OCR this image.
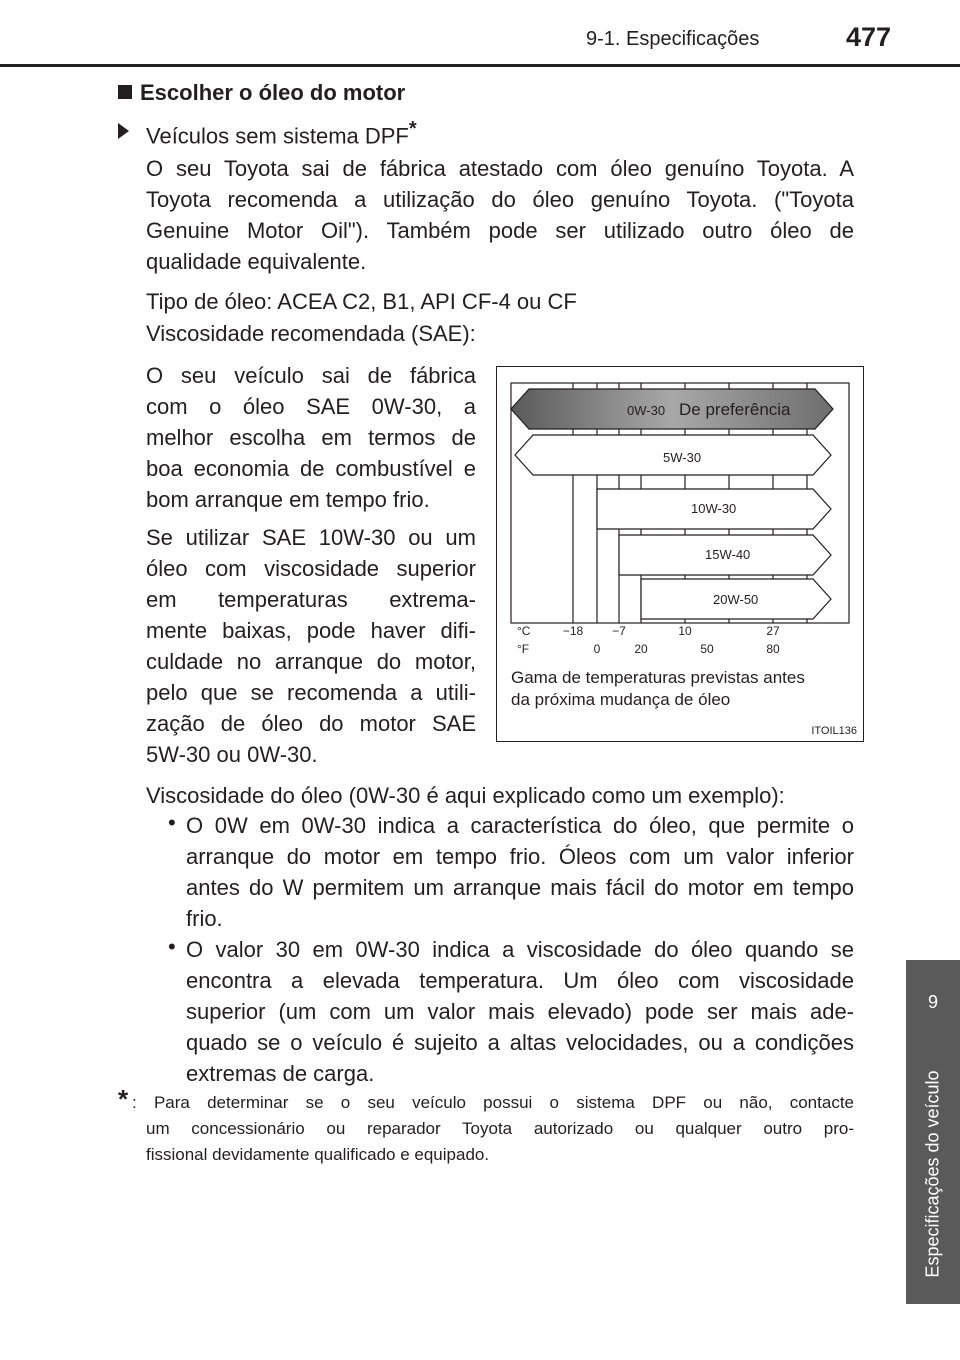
9-1. Especificações	477
9
Especificações do veículo
Escolher o óleo do motor
Veículos sem sistema DPF*
O seu Toyota sai de fábrica atestado com óleo genuíno Toyota. A
Toyota recomenda a utilização do óleo genuíno Toyota. ("Toyota
Genuine Motor Oil"). Também pode ser utilizado outro óleo de
qualidade equivalente.
Tipo de óleo: ACEA C2, B1, API CF-4 ou CF
Viscosidade recomendada (SAE):
O seu veículo sai de fábrica
com o óleo SAE 0W-30, a
melhor escolha em termos de
boa economia de combustível e
bom arranque em tempo frio.
Se utilizar SAE 10W-30 ou um
óleo com viscosidade superior
em temperaturas extrema-
mente baixas, pode haver difi-
culdade no arranque do motor,
pelo que se recomenda a utili-
zação de óleo do motor SAE
5W-30 ou 0W-30.
0W-30 De preferência
5W-30
10W-30
15W-40
20W-50
°C
°F
−18 −7	10	27
0	20	50	80
Gama de temperaturas previstas antes
da próxima mudança de óleo
ITOIL136
Viscosidade do óleo (0W-30 é aqui explicado como um exemplo):
• O 0W em 0W-30 indica a característica do óleo, que permite o
arranque do motor em tempo frio. Óleos com um valor inferior
antes do W permitem um arranque mais fácil do motor em tempo
frio.
• O valor 30 em 0W-30 indica a viscosidade do óleo quando se
encontra a elevada temperatura. Um óleo com viscosidade
superior (um com um valor mais elevado) pode ser mais ade-
quado se o veículo é sujeito a altas velocidades, ou a condições
extremas de carga.
* : Para determinar se o seu veículo possui o sistema DPF ou não, contacte
um concessionário ou reparador Toyota autorizado ou qualquer outro pro-
fissional devidamente qualificado e equipado.
